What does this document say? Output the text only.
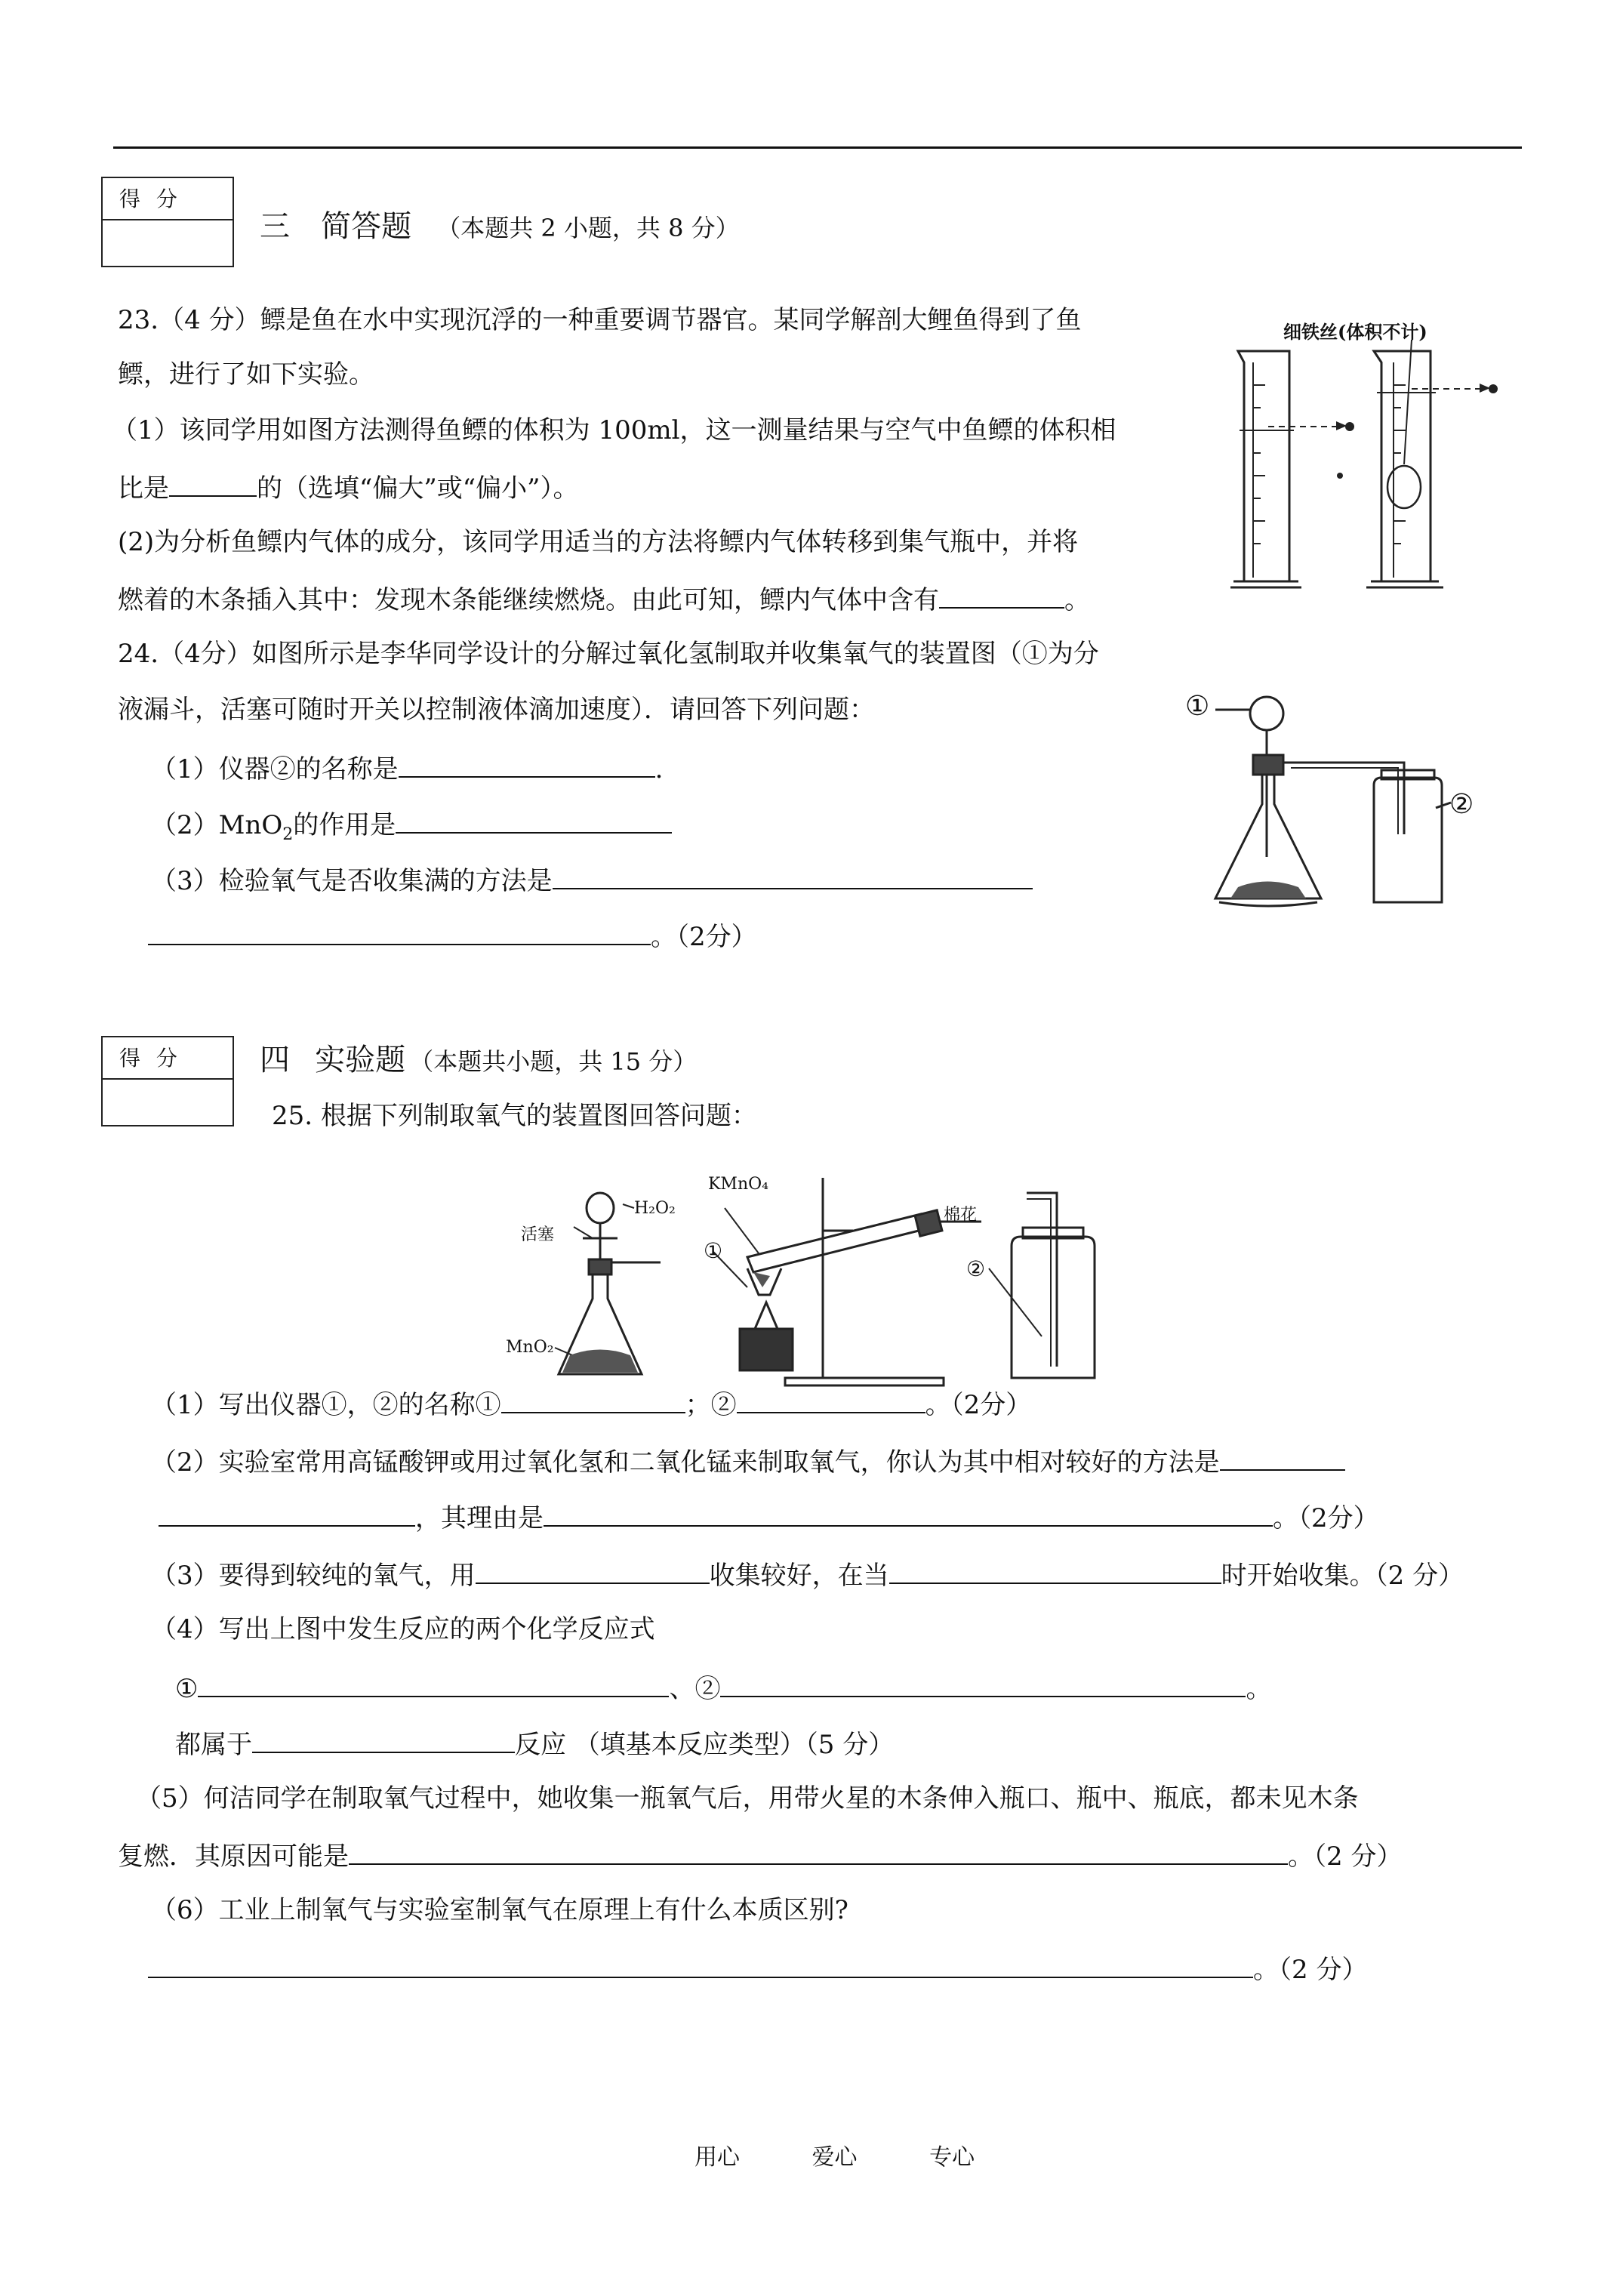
得 分
三 简答题 （本题共 2 小题，共 8 分）
23.（4 分）鳔是鱼在水中实现沉浮的一种重要调节器官。某同学解剖大鲤鱼得到了鱼
鳔，进行了如下实验。
（1）该同学用如图方法测得鱼鳔的体积为 100ml，这一测量结果与空气中鱼鳔的体积相
比是	的（选填“偏大”或“偏小”）。
(2)为分析鱼鳔内气体的成分，该同学用适当的方法将鳔内气体转移到集气瓶中，并将
燃着的木条插入其中：发现木条能继续燃烧。由此可知，鳔内气体中含有	。
细铁丝(体积不计)
24.（4分）如图所示是李华同学设计的分解过氧化氢制取并收集氧气的装置图（①为分
液漏斗，活塞可随时开关以控制液体滴加速度）．请回答下列问题：
（1）仪器②的名称是	.
（2）MnO$_2$的作用是
（3）检验氧气是否收集满的方法是
。（2分）
①
②
得 分	四 实验题 （本题共小题，共 15 分）
25. 根据下列制取氧气的装置图回答问题：
H₂O₂
活塞
MnO₂
KMnO₄
棉花
①
②
（1）写出仪器①，②的名称①	；②	。（2分）
（2）实验室常用高锰酸钾或用过氧化氢和二氧化锰来制取氧气，你认为其中相对较好的方法是
，其理由是	。（2分）
（3）要得到较纯的氧气，用	收集较好，在当	时开始收集。（2 分）
（4）写出上图中发生反应的两个化学反应式
①	、②	。
都属于	反应 （填基本反应类型）（5 分）
（5）何洁同学在制取氧气过程中，她收集一瓶氧气后，用带火星的木条伸入瓶口、瓶中、瓶底，都未见木条
复燃．其原因可能是	。（2 分）
（6）工业上制氧气与实验室制氧气在原理上有什么本质区别?
。（2 分）
用心	爱心	专心
